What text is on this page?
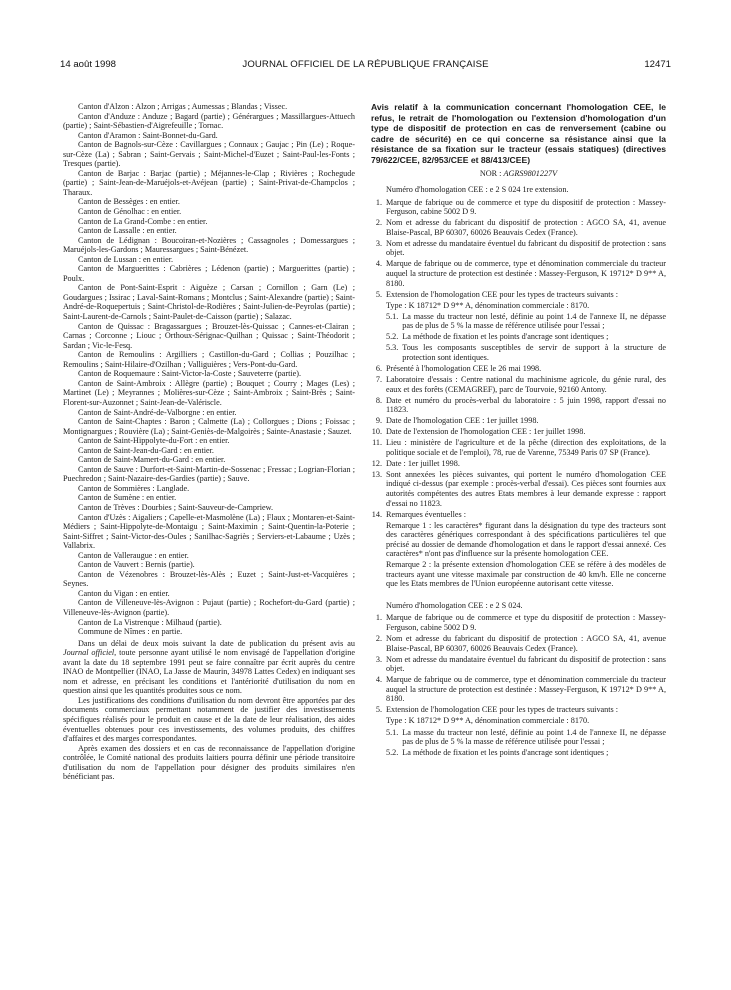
14 août 1998	JOURNAL OFFICIEL DE LA RÉPUBLIQUE FRANÇAISE	12471

Canton d'Alzon : Alzon ; Arrigas ; Aumessas ; Blandas ; Vissec.

Canton d'Anduze : Anduze ; Bagard (partie) ; Générargues ; Massillargues-Attuech (partie) ; Saint-Sébastien-d'Aigrefeuille ; Tornac.

Canton d'Aramon : Saint-Bonnet-du-Gard.

Canton de Bagnols-sur-Cèze : Cavillargues ; Connaux ; Gaujac ; Pin (Le) ; Roque-sur-Cèze (La) ; Sabran ; Saint-Gervais ; Saint-Michel-d'Euzet ; Saint-Paul-les-Fonts ; Tresques (partie).

Canton de Barjac : Barjac (partie) ; Méjannes-le-Clap ; Rivières ; Rochegude (partie) ; Saint-Jean-de-Maruéjols-et-Avéjean (partie) ; Saint-Privat-de-Champclos ; Tharaux.

Canton de Bessèges : en entier.

Canton de Génolhac : en entier.

Canton de La Grand-Combe : en entier.

Canton de Lassalle : en entier.

Canton de Lédignan : Boucoiran-et-Nozières ; Cassagnoles ; Domessargues ; Maruéjols-les-Gardons ; Mauressargues ; Saint-Bénézet.

Canton de Lussan : en entier.

Canton de Marguerittes : Cabrières ; Lédenon (partie) ; Marguerittes (partie) ; Poulx.

Canton de Pont-Saint-Esprit : Aiguèze ; Carsan ; Cornillon ; Garn (Le) ; Goudargues ; Issirac ; Laval-Saint-Romans ; Montclus ; Saint-Alexandre (partie) ; Saint-André-de-Roquepertuis ; Saint-Christol-de-Rodières ; Saint-Julien-de-Peyrolas (partie) ; Saint-Laurent-de-Carnols ; Saint-Paulet-de-Caisson (partie) ; Salazac.

Canton de Quissac : Bragassargues ; Brouzet-lès-Quissac ; Cannes-et-Clairan ; Carnas ; Corconne ; Liouc ; Orthoux-Sérignac-Quilhan ; Quissac ; Saint-Théodorit ; Sardan ; Vic-le-Fesq.

Canton de Remoulins : Argilliers ; Castillon-du-Gard ; Collias ; Pouzilhac ; Remoulins ; Saint-Hilaire-d'Ozilhan ; Valliguières ; Vers-Pont-du-Gard.

Canton de Roquemaure : Saint-Victor-la-Coste ; Sauveterre (partie).

Canton de Saint-Ambroix : Allègre (partie) ; Bouquet ; Courry ; Mages (Les) ; Martinet (Le) ; Meyrannes ; Molières-sur-Cèze ; Saint-Ambroix ; Saint-Brès ; Saint-Florent-sur-Auzonnet ; Saint-Jean-de-Valériscle.

Canton de Saint-André-de-Valborgne : en entier.

Canton de Saint-Chaptes : Baron ; Calmette (La) ; Collorgues ; Dions ; Foissac ; Montignargues ; Rouvière (La) ; Saint-Geniès-de-Malgoirès ; Sainte-Anastasie ; Sauzet.

Canton de Saint-Hippolyte-du-Fort : en entier.

Canton de Saint-Jean-du-Gard : en entier.

Canton de Saint-Mamert-du-Gard : en entier.

Canton de Sauve : Durfort-et-Saint-Martin-de-Sossenac ; Fressac ; Logrian-Florian ; Puechredon ; Saint-Nazaire-des-Gardies (partie) ; Sauve.

Canton de Sommières : Langlade.

Canton de Sumène : en entier.

Canton de Trèves : Dourbies ; Saint-Sauveur-de-Campriew.

Canton d'Uzès : Aigaliers ; Capelle-et-Masmolène (La) ; Flaux ; Montaren-et-Saint-Médiers ; Saint-Hippolyte-de-Montaigu ; Saint-Maximin ; Saint-Quentin-la-Poterie ; Saint-Siffret ; Saint-Victor-des-Oules ; Sanilhac-Sagriès ; Serviers-et-Labaume ; Uzès ; Vallabrix.

Canton de Valleraugue : en entier.

Canton de Vauvert : Bernis (partie).

Canton de Vézenobres : Brouzet-lès-Alès ; Euzet ; Saint-Just-et-Vacquières ; Seynes.

Canton du Vigan : en entier.

Canton de Villeneuve-lès-Avignon : Pujaut (partie) ; Rochefort-du-Gard (partie) ; Villeneuve-lès-Avignon (partie).

Canton de La Vistrenque : Milhaud (partie).

Commune de Nîmes : en partie.

Dans un délai de deux mois suivant la date de publication du présent avis au Journal officiel, toute personne ayant utilisé le nom envisagé de l'appellation d'origine avant la date du 18 septembre 1991 peut se faire connaître par écrit auprès du centre INAO de Montpellier (INAO, La Jasse de Maurin, 34978 Lattes Cedex) en indiquant ses nom et adresse, en précisant les conditions et l'antériorité d'utilisation du nom en question ainsi que les quantités produites sous ce nom.

Les justifications des conditions d'utilisation du nom devront être apportées par des documents commerciaux permettant notamment de justifier des investissements spécifiques réalisés pour le produit en cause et de la date de leur réalisation, des aides éventuelles obtenues pour ces investissements, des volumes produits, des chiffres d'affaires et des marges correspondantes.

Après examen des dossiers et en cas de reconnaissance de l'appellation d'origine contrôlée, le Comité national des produits laitiers pourra définir une période transitoire d'utilisation du nom de l'appellation pour désigner des produits similaires n'en bénéficiant pas.

Avis relatif à la communication concernant l'homologation CEE, le refus, le retrait de l'homologation ou l'extension d'homologation d'un type de dispositif de protection en cas de renversement (cabine ou cadre de sécurité) en ce qui concerne sa résistance ainsi que la résistance de sa fixation sur le tracteur (essais statiques) (directives 79/622/CEE, 82/953/CEE et 88/413/CEE)
NOR : AGRS9801227V

Numéro d'homologation CEE : e 2 S 024 1re extension.

1. Marque de fabrique ou de commerce et type du dispositif de protection : Massey-Ferguson, cabine 5002 D 9.
2. Nom et adresse du fabricant du dispositif de protection : AGCO SA, 41, avenue Blaise-Pascal, BP 60307, 60026 Beauvais Cedex (France).
3. Nom et adresse du mandataire éventuel du fabricant du dispositif de protection : sans objet.
4. Marque de fabrique ou de commerce, type et dénomination commerciale du tracteur auquel la structure de protection est destinée : Massey-Ferguson, K 19712* D 9** A, 8180.
5. Extension de l'homologation CEE pour les types de tracteurs suivants :
Type : K 18712* D 9** A, dénomination commerciale : 8170.
5.1. La masse du tracteur non lesté, définie au point 1.4 de l'annexe II, ne dépasse pas de plus de 5 % la masse de référence utilisée pour l'essai ;
5.2. La méthode de fixation et les points d'ancrage sont identiques ;
5.3. Tous les composants susceptibles de servir de support à la structure de protection sont identiques.
6. Présenté à l'homologation CEE le 26 mai 1998.
7. Laboratoire d'essais : Centre national du machinisme agricole, du génie rural, des eaux et des forêts (CEMAGREF), parc de Tourvoie, 92160 Antony.
8. Date et numéro du procès-verbal du laboratoire : 5 juin 1998, rapport d'essai no 11823.
9. Date de l'homologation CEE : 1er juillet 1998.
10. Date de l'extension de l'homologation CEE : 1er juillet 1998.
11. Lieu : ministère de l'agriculture et de la pêche (direction des exploitations, de la politique sociale et de l'emploi), 78, rue de Varenne, 75349 Paris 07 SP (France).
12. Date : 1er juillet 1998.
13. Sont annexées les pièces suivantes, qui portent le numéro d'homologation CEE indiqué ci-dessus (par exemple : procès-verbal d'essai). Ces pièces sont fournies aux autorités compétentes des autres Etats membres à leur demande expresse : rapport d'essai no 11823.
14. Remarques éventuelles :
Remarque 1 : les caractères* figurant dans la désignation du type des tracteurs sont des caractères génériques correspondant à des spécifications particulières tel que précisé au dossier de demande d'homologation et dans le rapport d'essai annexé. Ces caractères* n'ont pas d'influence sur la présente homologation CEE.
Remarque 2 : la présente extension d'homologation CEE se réfère à des modèles de tracteurs ayant une vitesse maximale par construction de 40 km/h. Elle ne concerne que les Etats membres de l'Union européenne autorisant cette vitesse.

Numéro d'homologation CEE : e 2 S 024.

1. Marque de fabrique ou de commerce et type du dispositif de protection : Massey-Ferguson, cabine 5002 D 9.
2. Nom et adresse du fabricant du dispositif de protection : AGCO SA, 41, avenue Blaise-Pascal, BP 60307, 60026 Beauvais Cedex (France).
3. Nom et adresse du mandataire éventuel du fabricant du dispositif de protection : sans objet.
4. Marque de fabrique ou de commerce, type et dénomination commerciale du tracteur auquel la structure de protection est destinée : Massey-Ferguson, K 19712* D 9** A, 8180.
5. Extension de l'homologation CEE pour les types de tracteurs suivants :
Type : K 18712* D 9** A, dénomination commerciale : 8170.
5.1. La masse du tracteur non lesté, définie au point 1.4 de l'annexe II, ne dépasse pas de plus de 5 % la masse de référence utilisée pour l'essai ;
5.2. La méthode de fixation et les points d'ancrage sont identiques ;
